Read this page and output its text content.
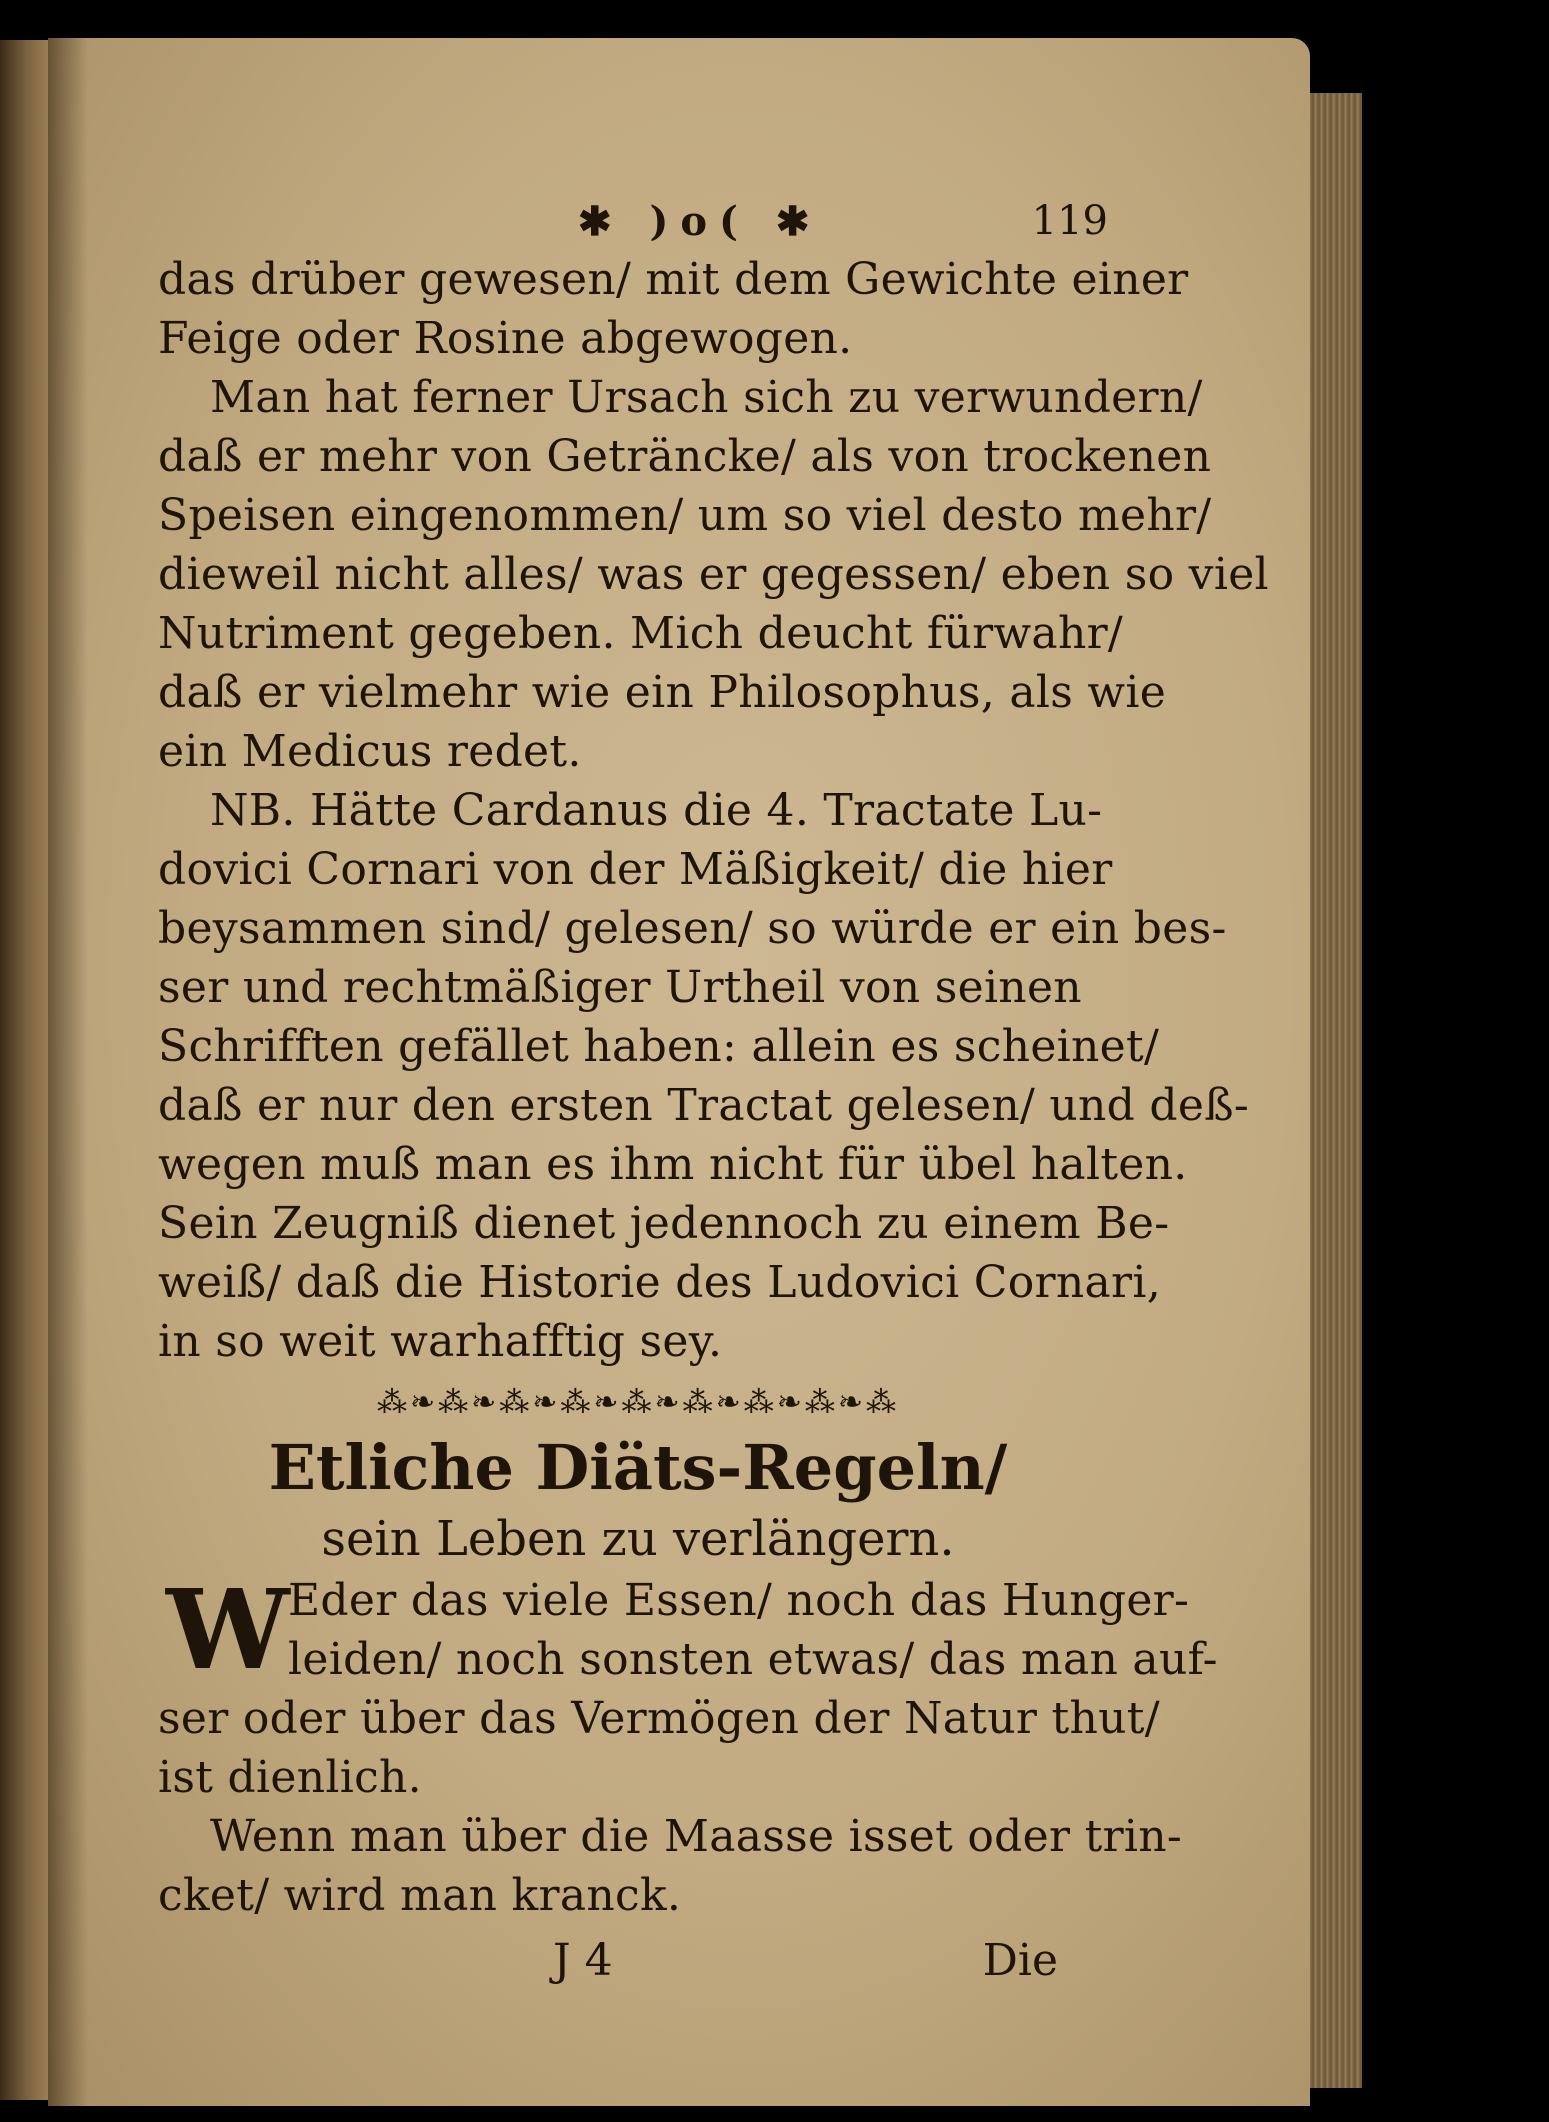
✱ )o( ✱	119
das drüber gewesen/ mit dem Gewichte einer
Feige oder Rosine abgewogen.
Man hat ferner Ursach sich zu verwundern/
daß er mehr von Geträncke/ als von trockenen
Speisen eingenommen/ um so viel desto mehr/
dieweil nicht alles/ was er gegessen/ eben so viel
Nutriment gegeben. Mich deucht fürwahr/
daß er vielmehr wie ein Philosophus, als wie
ein Medicus redet.
NB. Hätte Cardanus die 4. Tractate Lu-
dovici Cornari von der Mäßigkeit/ die hier
beysammen sind/ gelesen/ so würde er ein bes-
ser und rechtmäßiger Urtheil von seinen
Schrifften gefället haben: allein es scheinet/
daß er nur den ersten Tractat gelesen/ und deß-
wegen muß man es ihm nicht für übel halten.
Sein Zeugniß dienet jedennoch zu einem Be-
weiß/ daß die Historie des Ludovici Cornari,
in so weit warhafftig sey.
⁂❧⁂❧⁂❧⁂❧⁂❧⁂❧⁂❧⁂❧⁂
Etliche Diäts-Regeln/
sein Leben zu verlängern.
W
Eder das viele Essen/ noch das Hunger-
leiden/ noch sonsten etwas/ das man auf-
ser oder über das Vermögen der Natur thut/
ist dienlich.
Wenn man über die Maasse isset oder trin-
cket/ wird man kranck.
J 4	Die
